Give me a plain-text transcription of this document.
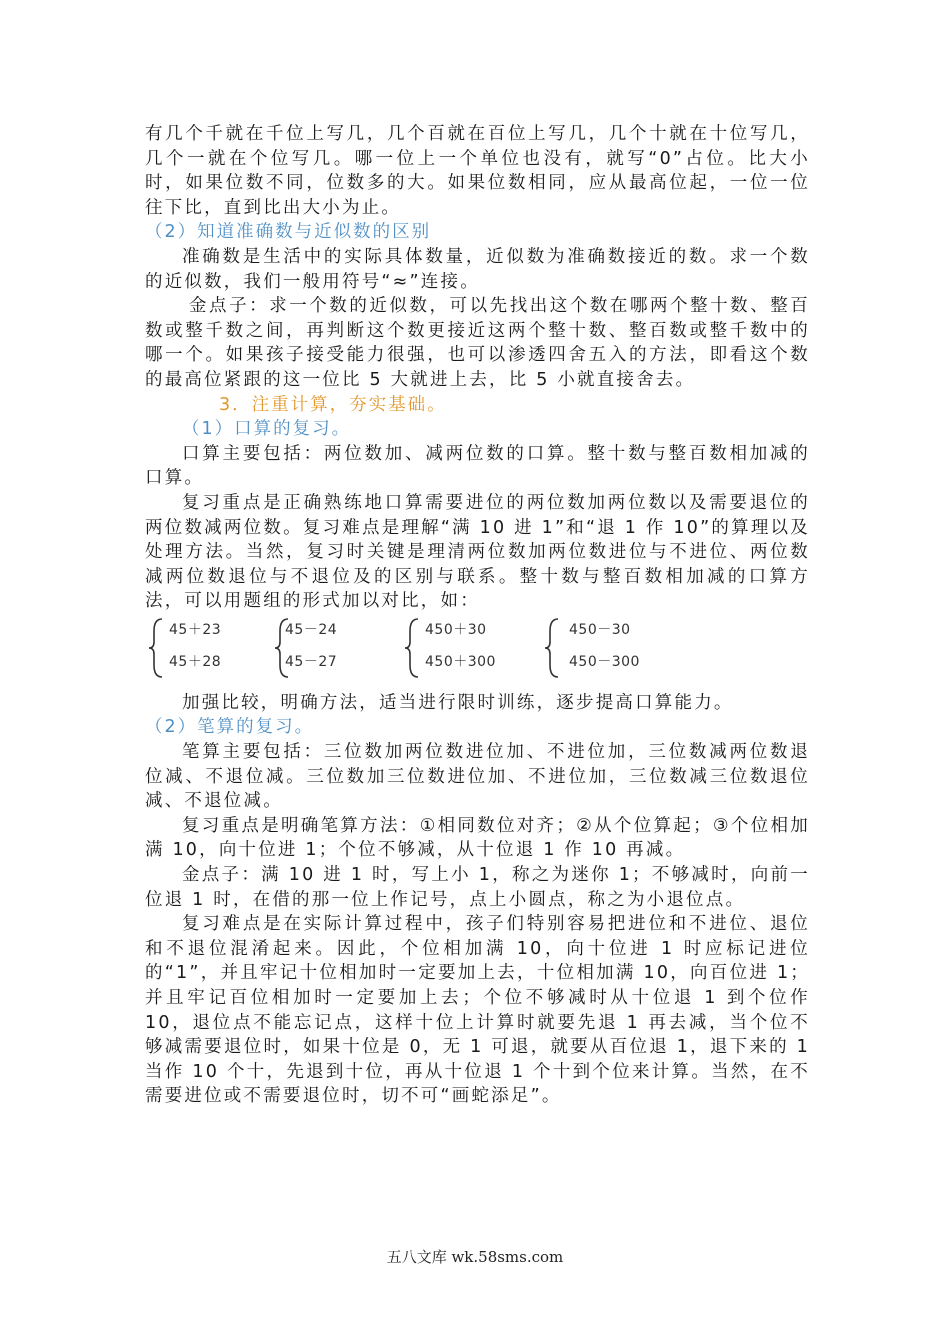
有几个千就在千位上写几，几个百就在百位上写几，几个十就在十位写几，几个一就在个位写几。哪一位上一个单位也没有，就写“0”占位。比大小时，如果位数不同，位数多的大。如果位数相同，应从最高位起，一位一位往下比，直到比出大小为止。

（2）知道准确数与近似数的区别

准确数是生活中的实际具体数量，近似数为准确数接近的数。求一个数的近似数，我们一般用符号“≈”连接。

金点子：求一个数的近似数，可以先找出这个数在哪两个整十数、整百数或整千数之间，再判断这个数更接近这两个整十数、整百数或整千数中的哪一个。如果孩子接受能力很强，也可以渗透四舍五入的方法，即看这个数的最高位紧跟的这一位比 5 大就进上去，比 5 小就直接舍去。

3．注重计算，夯实基础。

（1）口算的复习。

口算主要包括：两位数加、减两位数的口算。整十数与整百数相加减的口算。

复习重点是正确熟练地口算需要进位的两位数加两位数以及需要退位的两位数减两位数。复习难点是理解“满 10 进 1”和“退 1 作 10”的算理以及处理方法。当然，复习时关键是理清两位数加两位数进位与不进位、两位数减两位数退位与不退位及的区别与联系。整十数与整百数相加减的口算方法，可以用题组的形式加以对比，如：

45＋23
45＋28
45－24
45－27
450＋30
450＋300
450－30
450－300

加强比较，明确方法，适当进行限时训练，逐步提高口算能力。

（2）笔算的复习。

笔算主要包括：三位数加两位数进位加、不进位加，三位数减两位数退位减、不退位减。三位数加三位数进位加、不进位加，三位数减三位数退位减、不退位减。

复习重点是明确笔算方法：①相同数位对齐；②从个位算起；③个位相加满 10，向十位进 1；个位不够减，从十位退 1 作 10 再减。

金点子：满 10 进 1 时，写上小 1，称之为迷你 1；不够减时，向前一位退 1 时，在借的那一位上作记号，点上小圆点，称之为小退位点。

复习难点是在实际计算过程中，孩子们特别容易把进位和不进位、退位和不退位混淆起来。因此，个位相加满 10，向十位进 1 时应标记进位的“1”，并且牢记十位相加时一定要加上去，十位相加满 10，向百位进 1；并且牢记百位相加时一定要加上去；个位不够减时从十位退 1 到个位作 10，退位点不能忘记点，这样十位上计算时就要先退 1 再去减，当个位不够减需要退位时，如果十位是 0，无 1 可退，就要从百位退 1，退下来的 1 当作 10 个十，先退到十位，再从十位退 1 个十到个位来计算。当然，在不需要进位或不需要退位时，切不可“画蛇添足”。

五八文库 wk.58sms.com
